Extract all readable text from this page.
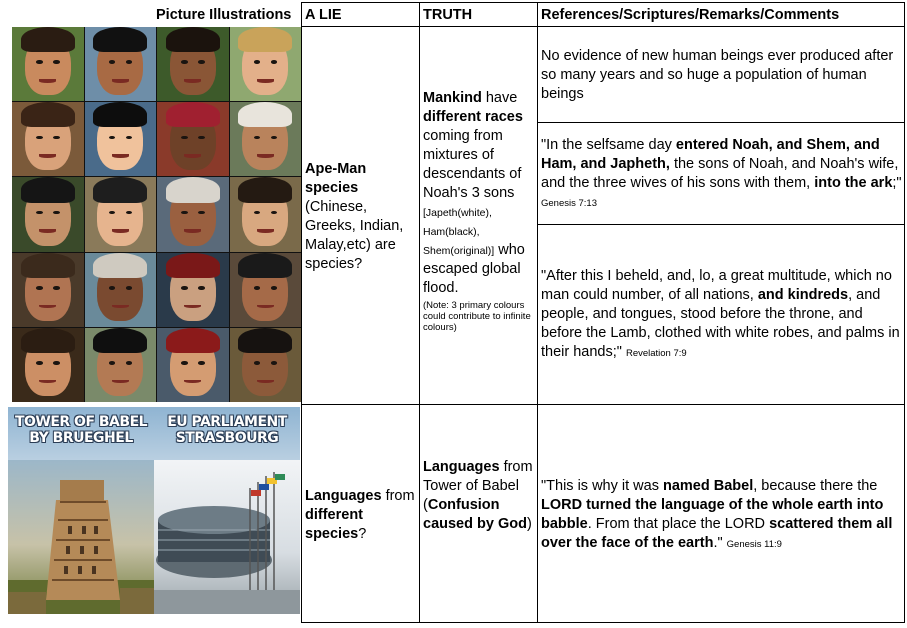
Picture Illustrations A LIE	TRUTH	References/Scriptures/Remarks/Comments
Ape-Man species (Chinese, Greeks, Indian, Malay,etc) are species?
Mankind have different races coming from mixtures of descendants of Noah's 3 sons [Japeth(white), Ham(black), Shem(original)] who escaped global flood.
(Note: 3 primary colours could contribute to infinite colours)
No evidence of new human beings ever produced after so many years and so huge a population of human beings
"In the selfsame day entered Noah, and Shem, and Ham, and Japheth, the sons of Noah, and Noah's wife, and the three wives of his sons with them, into the ark;" Genesis 7:13
"After this I beheld, and, lo, a great multitude, which no man could number, of all nations, and kindreds, and people, and tongues, stood before the throne, and before the Lamb, clothed with white robes, and palms in their hands;" Revelation 7:9
Languages from different species?
Languages from Tower of Babel (Confusion caused by God)
"This is why it was named Babel, because there the LORD turned the language of the whole earth into babble. From that place the LORD scattered them all over the face of the earth." Genesis 11:9
TOWER OF BABEL BY BRUEGHEL
EU PARLIAMENT STRASBOURG
